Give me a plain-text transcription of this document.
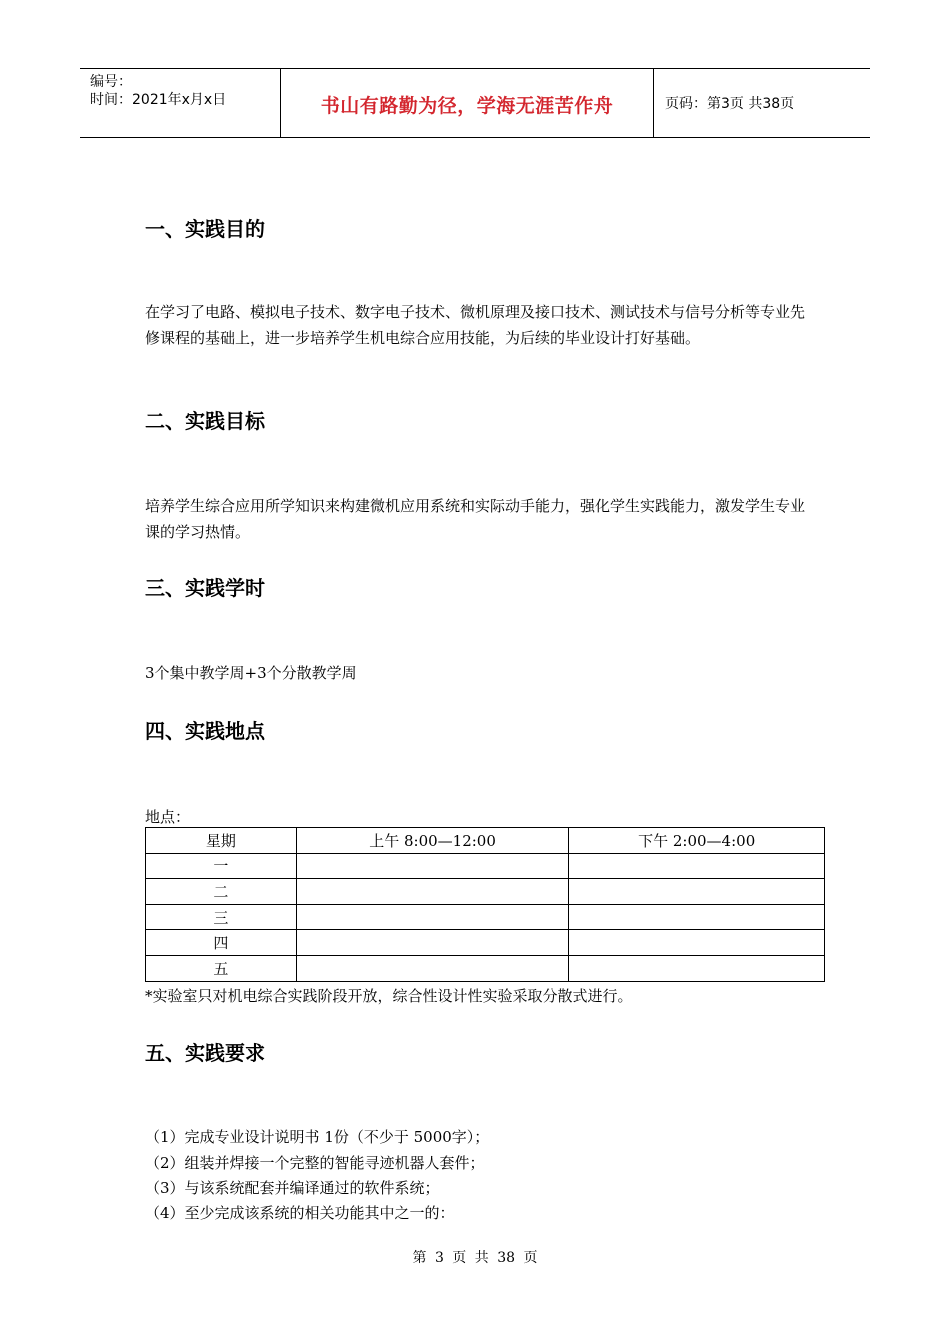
编号：
时间：2021年x月x日	书山有路勤为径，学海无涯苦作舟	页码：第3页 共38页
一、实践目的
在学习了电路、模拟电子技术、数字电子技术、微机原理及接口技术、测试技术与信号分析等专业先修课程的基础上，进一步培养学生机电综合应用技能，为后续的毕业设计打好基础。
二、实践目标
培养学生综合应用所学知识来构建微机应用系统和实际动手能力，强化学生实践能力，激发学生专业课的学习热情。
三、实践学时
3个集中教学周+3个分散教学周
四、实践地点
地点：
星期	上午 8:00—12:00	下午 2:00—4:00
一		
二		
三		
四		
五		
*实验室只对机电综合实践阶段开放，综合性设计性实验采取分散式进行。
五、实践要求
（1）完成专业设计说明书 1份（不少于 5000字）；
（2）组装并焊接一个完整的智能寻迹机器人套件；
（3）与该系统配套并编译通过的软件系统；
（4）至少完成该系统的相关功能其中之一的：
第 3 页 共 38 页
